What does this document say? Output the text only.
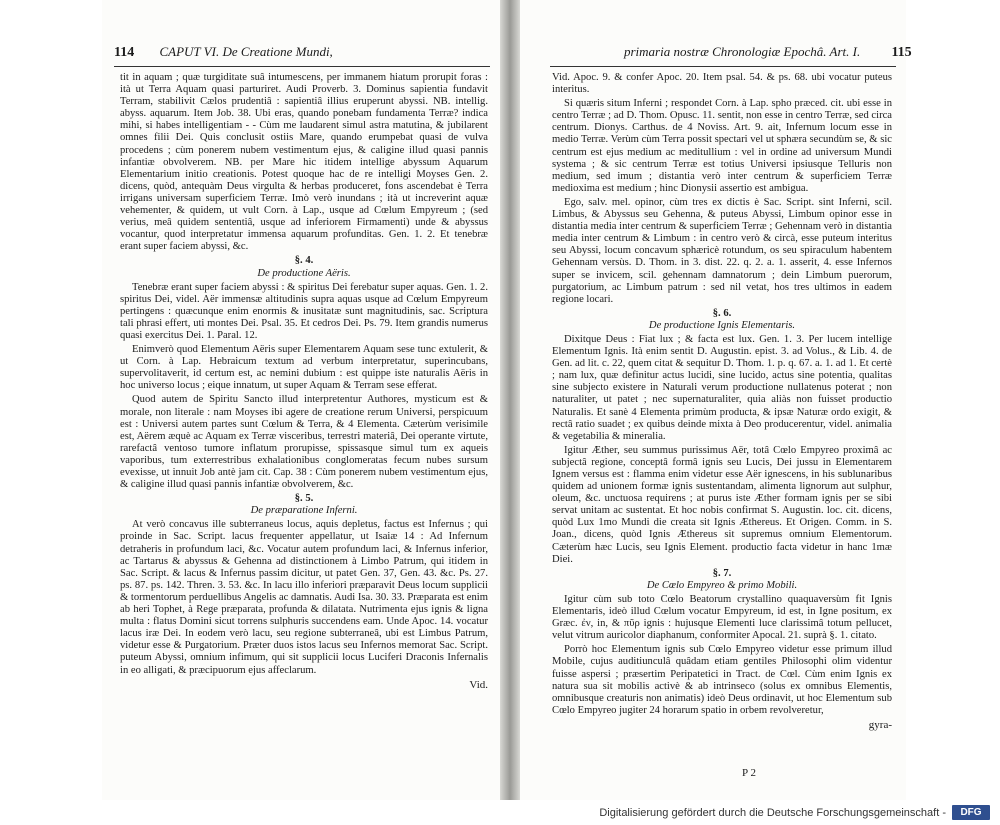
114 CAPUT VI. De Creatione Mundi,

tit in aquam ; quæ turgiditate suâ intumescens, per immanem hiatum prorupit foras : ità ut Terra Aquam quasi parturiret. Audi Proverb. 3. Dominus sapientia fundavit Terram, stabilivit Cælos prudentiâ : sapientiâ illius eruperunt abyssi. NB. intellig. abyss. aquarum. Item Job. 38. Ubi eras, quando ponebam fundamenta Terræ? indica mihi, si habes intelligentiam - - Cùm me laudarent simul astra matutina, & jubilarent omnes filii Dei. Quis conclusit ostiis Mare, quando erumpebat quasi de vulva procedens ; cùm ponerem nubem vestimentum ejus, & caligine illud quasi pannis infantiæ obvolverem. NB. per Mare hic itidem intellige abyssum Aquarum Elementarium initio creationis. Potest quoque hac de re intelligi Moyses Gen. 2. dicens, quòd, antequàm Deus virgulta & herbas produceret, fons ascendebat è Terra irrigans universam superficiem Terræ. Imò verò inundans ; ità ut increverint aquæ vehementer, & quidem, ut vult Corn. à Lap., usque ad Cœlum Empyreum ; (sed verius, meâ quidem sententiâ, usque ad inferiorem Firmamenti) unde & abyssus vocantur, quod interpretatur immensa aquarum profunditas. Gen. 1. 2. Et tenebræ erant super faciem abyssi, &c.

§. 4.
De productione Aëris.

Tenebræ erant super faciem abyssi : & spiritus Dei ferebatur super aquas. Gen. 1. 2. spiritus Dei, videl. Aër immensæ altitudinis supra aquas usque ad Cœlum Empyreum pertingens : quæcunque enim enormis & inusitatæ sunt magnitudinis, sac. Scriptura tali phrasi effert, uti montes Dei. Psal. 35. Et cedros Dei. Ps. 79. Item grandis numerus quasi exercitus Dei. 1. Paral. 12.

Enimverò quod Elementum Aëris super Elementarem Aquam sese tunc extulerit, & ut Corn. à Lap. Hebraicum textum ad verbum interpretatur, superincubans, supervolitaverit, id certum est, ac nemini dubium : est quippe iste naturalis Aëris in hoc universo locus ; eique innatum, ut super Aquam & Terram sese efferat.

Quod autem de Spiritu Sancto illud interpretentur Authores, mysticum est & morale, non literale : nam Moyses ibi agere de creatione rerum Universi, perspicuum est : Universi autem partes sunt Cœlum & Terra, & 4 Elementa. Cæterùm verisimile est, Aërem æquè ac Aquam ex Terræ visceribus, terrestri materiâ, Dei operante virtute, rarefactâ ventoso tumore inflatum prorupisse, spissasque simul tum ex aqueis vaporibus, tum exterrestribus exhalationibus conglomeratas fecum nubes sursum evexisse, ut innuit Job antè jam cit. Cap. 38 : Cùm ponerem nubem vestimentum ejus, & caligine illud quasi pannis infantiæ obvolverem, &c.

§. 5.
De præparatione Inferni.

At verò concavus ille subterraneus locus, aquis depletus, factus est Infernus ; qui proinde in Sac. Script. lacus frequenter appellatur, ut Isaiæ 14 : Ad Infernum detraheris in profundum laci, &c. Vocatur autem profundum laci, & Infernus inferior, ac Tartarus & abyssus & Gehenna ad distinctionem à Limbo Patrum, qui itidem in Sac. Script. & lacus & Infernus passim dicitur, ut patet Gen. 37, Gen. 43. &c. Ps. 27. ps. 87. ps. 142. Thren. 3. 53. &c. In lacu illo inferiori præparavit Deus locum supplicii & tormentorum perduellibus Angelis ac damnatis. Audi Isa. 30. 33. Præparata est enim ab heri Tophet, à Rege præparata, profunda & dilatata. Nutrimenta ejus ignis & ligna multa : flatus Domini sicut torrens sulphuris succendens eam. Unde Apoc. 14. vocatur lacus iræ Dei. In eodem verò lacu, seu regione subterraneâ, ubi est Limbus Patrum, videtur esse & Purgatorium. Præter duos istos lacus seu Infernos memorat Sac. Script. puteum Abyssi, omnium infimum, qui sit supplicii locus Luciferi Draconis Infernalis in eo alligati, & præcipuorum ejus affeclarum.

Vid.
primaria nostræ Chronologiæ Epochâ. Art. I. 115

Vid. Apoc. 9. & confer Apoc. 20. Item psal. 54. & ps. 68. ubi vocatur puteus interitus.

Si quæris situm Inferni ; respondet Corn. à Lap. spho præced. cit. ubi esse in centro Terræ ; ad D. Thom. Opusc. 11. sentit, non esse in centro Terræ, sed circa centrum. Dionys. Carthus. de 4 Noviss. Art. 9. ait, Infernum locum esse in medio Terræ. Verùm cùm Terra possit spectari vel ut sphæra secundùm se, & sic centrum est ejus medium ac meditullium : vel in ordine ad universum Mundi systema ; & sic centrum Terræ est totius Universi ipsiusque Telluris non medium, sed imum ; distantia verò inter centrum & superficiem Terræ medioxima est medium ; hinc Dionysii assertio est ambigua.

Ego, salv. mel. opinor, cùm tres ex dictis è Sac. Script. sint Inferni, scil. Limbus, & Abyssus seu Gehenna, & puteus Abyssi, Limbum opinor esse in distantia media inter centrum & superficiem Terræ ; Gehennam verò in distantia media inter centrum & Limbum : in centro verò & circà, esse puteum interitus seu Abyssi, locum concavum sphæricè rotundum, os seu spiraculum habentem Gehennam versùs. D. Thom. in 3. dist. 22. q. 2. a. 1. asserit, 4. esse Infernos super se invicem, scil. gehennam damnatorum ; dein Limbum puerorum, purgatorium, ac Limbum patrum : sed nil vetat, hos tres ultimos in eadem regione locari.

§. 6.
De productione Ignis Elementaris.

Dixitque Deus : Fiat lux ; & facta est lux. Gen. 1. 3. Per lucem intellige Elementum Ignis. Ità enim sentit D. Augustin. epist. 3. ad Volus., & Lib. 4. de Gen. ad lit. c. 22, quem citat & sequitur D. Thom. 1. p. q. 67. a. 1. ad 1. Et certè ; nam lux, quæ definitur actus lucidi, sine lucido, actus sine potentia, qualitas sine subjecto existere in Naturali verum productione nullatenus poterat ; non naturaliter, ut patet ; nec supernaturaliter, quia aliàs non fuisset productio Naturalis. Et sanè 4 Elementa primùm producta, & ipsæ Naturæ ordo exigit, & rectâ ratio suadet ; ex quibus deinde mixta à Deo producerentur, videl. animalia & vegetabilia & mineralia.

Igitur Æther, seu summus purissimus Aër, totâ Cœlo Empyreo proximâ ac subjectâ regione, conceptâ formâ ignis seu Lucis, Dei jussu in Elementarem Ignem versus est : flamma enim videtur esse Aër ignescens, in his sublunaribus quidem ad unionem formæ ignis sustentandam, alimenta lignorum aut sulphur, oleum, &c. unctuosa requirens ; at purus iste Æther formam ignis per se sibi servat unitam ac sustentat. Et hoc nobis confirmat S. Augustin. loc. cit. dicens, quòd Lux 1mo Mundi die creata sit Ignis Æthereus. Et Origen. Comm. in S. Joan., dicens, quòd Ignis Æthereus sit supremus omnium Elementorum. Cæterùm hæc Lucis, seu Ignis Element. productio facta videtur in hanc 1mæ Diei.

§. 7.
De Cœlo Empyreo & primo Mobili.

Igitur cùm sub toto Cœlo Beatorum crystallino quaquaversùm fit Ignis Elementaris, ideò illud Cœlum vocatur Empyreum, id est, in Igne positum, ex Græc. ἐν, in, & πῦρ ignis : hujusque Elementi luce clarissimâ totum pellucet, velut vitrum auricolor diaphanum, conformiter Apocal. 21. suprà §. 1. citato.

Porrò hoc Elementum ignis sub Cœlo Empyreo videtur esse primum illud Mobile, cujus auditiunculâ quâdam etiam gentiles Philosophi olim videntur fuisse aspersi ; præsertim Peripatetici in Tract. de Cœl. Cùm enim Ignis ex natura sua sit mobilis activè & ab intrinseco (solus ex omnibus Elementis, omnibusque creaturis non animatis) ideò Deus ordinavit, ut hoc Elementum sub Cœlo Empyreo jugiter 24 horarum spatio in orbem revolveretur,

gyra-
P 2
Digitalisierung gefördert durch die Deutsche Forschungsgemeinschaft -	DFG
